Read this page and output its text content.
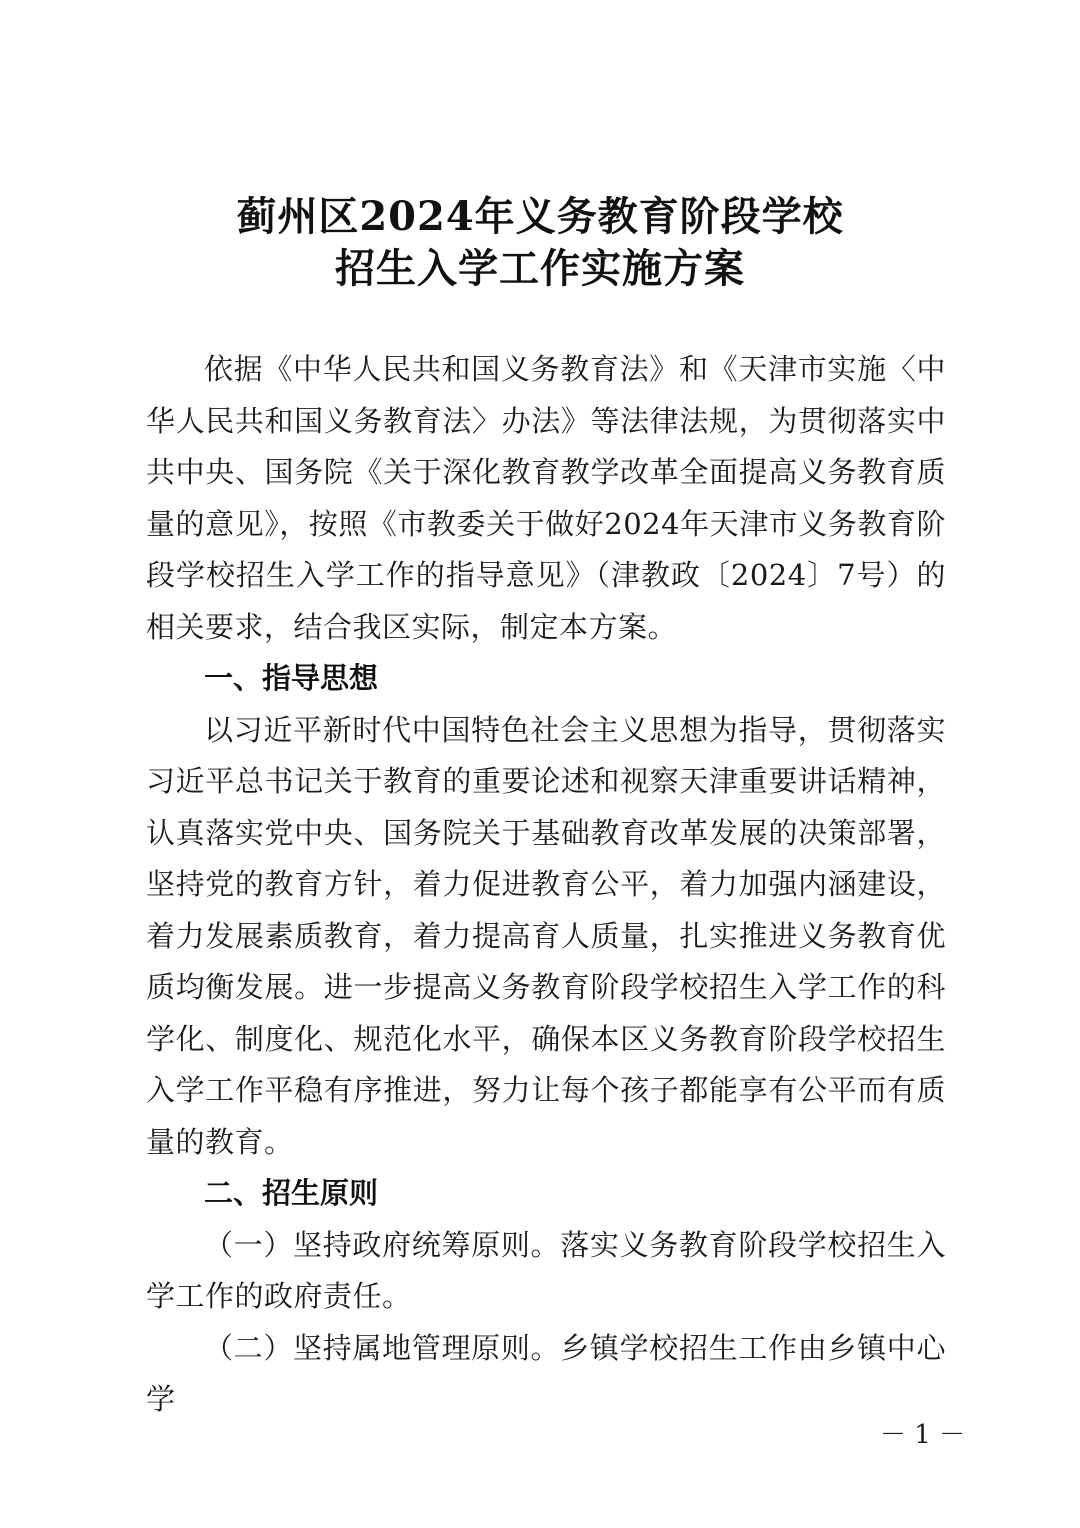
蓟州区2024年义务教育阶段学校
招生入学工作实施方案

依据《中华人民共和国义务教育法》和《天津市实施〈中华人民共和国义务教育法〉办法》等法律法规，为贯彻落实中共中央、国务院《关于深化教育教学改革全面提高义务教育质量的意见》，按照《市教委关于做好2024年天津市义务教育阶段学校招生入学工作的指导意见》（津教政〔2024〕7号）的相关要求，结合我区实际，制定本方案。

一、指导思想

以习近平新时代中国特色社会主义思想为指导，贯彻落实习近平总书记关于教育的重要论述和视察天津重要讲话精神，认真落实党中央、国务院关于基础教育改革发展的决策部署，坚持党的教育方针，着力促进教育公平，着力加强内涵建设，着力发展素质教育，着力提高育人质量，扎实推进义务教育优质均衡发展。进一步提高义务教育阶段学校招生入学工作的科学化、制度化、规范化水平，确保本区义务教育阶段学校招生入学工作平稳有序推进，努力让每个孩子都能享有公平而有质量的教育。

二、招生原则

（一）坚持政府统筹原则。落实义务教育阶段学校招生入学工作的政府责任。

（二）坚持属地管理原则。乡镇学校招生工作由乡镇中心学

－ 1 －
